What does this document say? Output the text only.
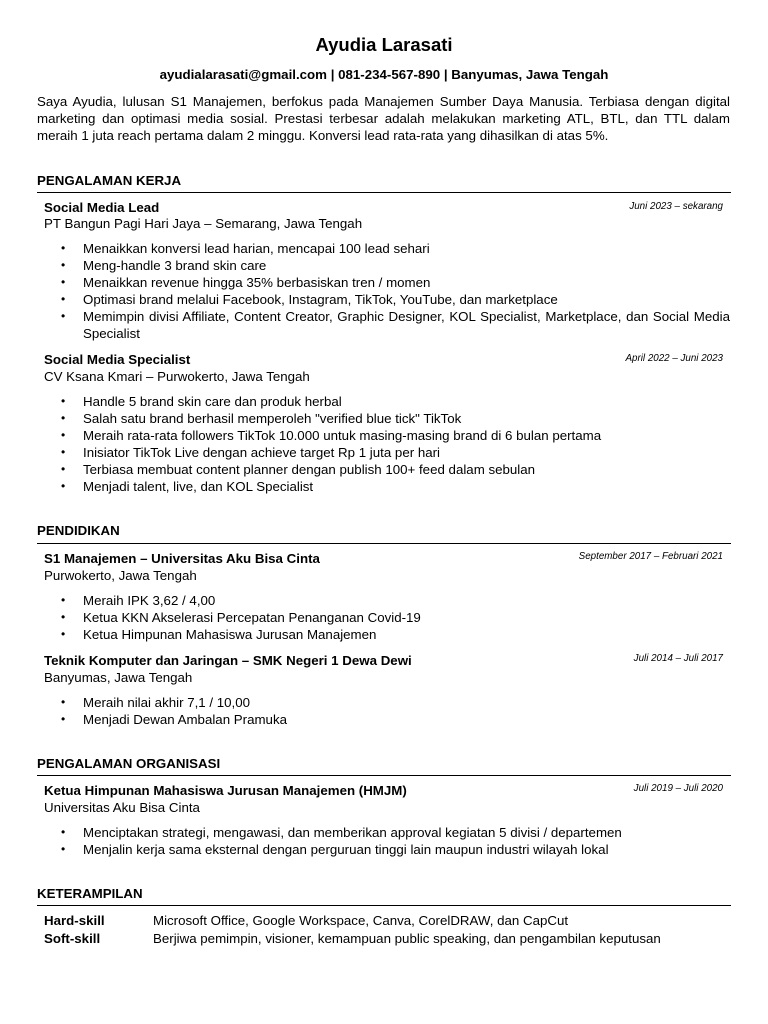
Ayudia Larasati
ayudialarasati@gmail.com | 081-234-567-890 | Banyumas, Jawa Tengah

Saya Ayudia, lulusan S1 Manajemen, berfokus pada Manajemen Sumber Daya Manusia. Terbiasa dengan digital marketing dan optimasi media sosial. Prestasi terbesar adalah melakukan marketing ATL, BTL, dan TTL dalam meraih 1 juta reach pertama dalam 2 minggu. Konversi lead rata-rata yang dihasilkan di atas 5%.

PENGALAMAN KERJA
Social Media Lead	Juni 2023 – sekarang
PT Bangun Pagi Hari Jaya – Semarang, Jawa Tengah
•	Menaikkan konversi lead harian, mencapai 100 lead sehari
•	Meng-handle 3 brand skin care
•	Menaikkan revenue hingga 35% berbasiskan tren / momen
•	Optimasi brand melalui Facebook, Instagram, TikTok, YouTube, dan marketplace
•	Memimpin divisi Affiliate, Content Creator, Graphic Designer, KOL Specialist, Marketplace, dan Social Media Specialist
Social Media Specialist	April 2022 – Juni 2023
CV Ksana Kmari – Purwokerto, Jawa Tengah
•	Handle 5 brand skin care dan produk herbal
•	Salah satu brand berhasil memperoleh "verified blue tick" TikTok
•	Meraih rata-rata followers TikTok 10.000 untuk masing-masing brand di 6 bulan pertama
•	Inisiator TikTok Live dengan achieve target Rp 1 juta per hari
•	Terbiasa membuat content planner dengan publish 100+ feed dalam sebulan
•	Menjadi talent, live, dan KOL Specialist
PENDIDIKAN
S1 Manajemen – Universitas Aku Bisa Cinta	September 2017 – Februari 2021
Purwokerto, Jawa Tengah
•	Meraih IPK 3,62 / 4,00
•	Ketua KKN Akselerasi Percepatan Penanganan Covid-19
•	Ketua Himpunan Mahasiswa Jurusan Manajemen
Teknik Komputer dan Jaringan – SMK Negeri 1 Dewa Dewi	Juli 2014 – Juli 2017
Banyumas, Jawa Tengah
•	Meraih nilai akhir 7,1 / 10,00
•	Menjadi Dewan Ambalan Pramuka
PENGALAMAN ORGANISASI
Ketua Himpunan Mahasiswa Jurusan Manajemen (HMJM)	Juli 2019 – Juli 2020
Universitas Aku Bisa Cinta
•	Menciptakan strategi, mengawasi, dan memberikan approval kegiatan 5 divisi / departemen
•	Menjalin kerja sama eksternal dengan perguruan tinggi lain maupun industri wilayah lokal
KETERAMPILAN
Hard-skill	Microsoft Office, Google Workspace, Canva, CorelDRAW, dan CapCut
Soft-skill	Berjiwa pemimpin, visioner, kemampuan public speaking, dan pengambilan keputusan
